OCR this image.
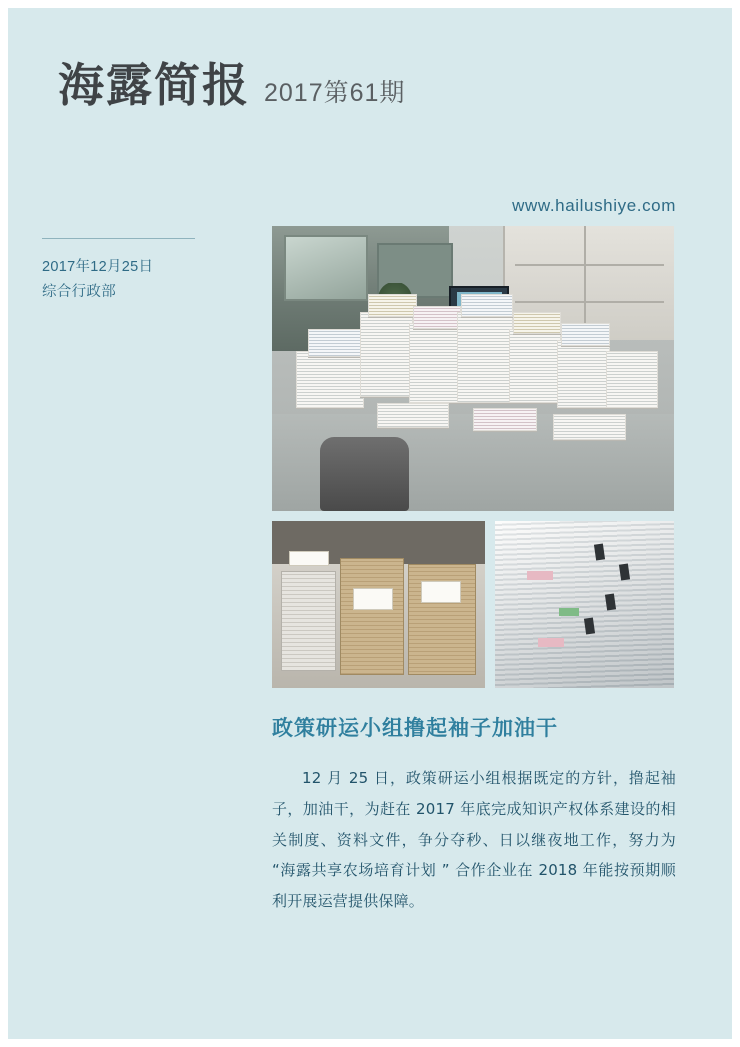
海露简报 2017第61期
www.hailushiye.com
2017年12月25日
综合行政部
政策研运小组撸起袖子加油干
12 月 25 日，政策研运小组根据既定的方针，撸起袖子，加油干，为赶在 2017 年底完成知识产权体系建设的相关制度、资料文件，争分夺秒、日以继夜地工作，努力为 “海露共享农场培育计划 ” 合作企业在 2018 年能按预期顺利开展运营提供保障。
